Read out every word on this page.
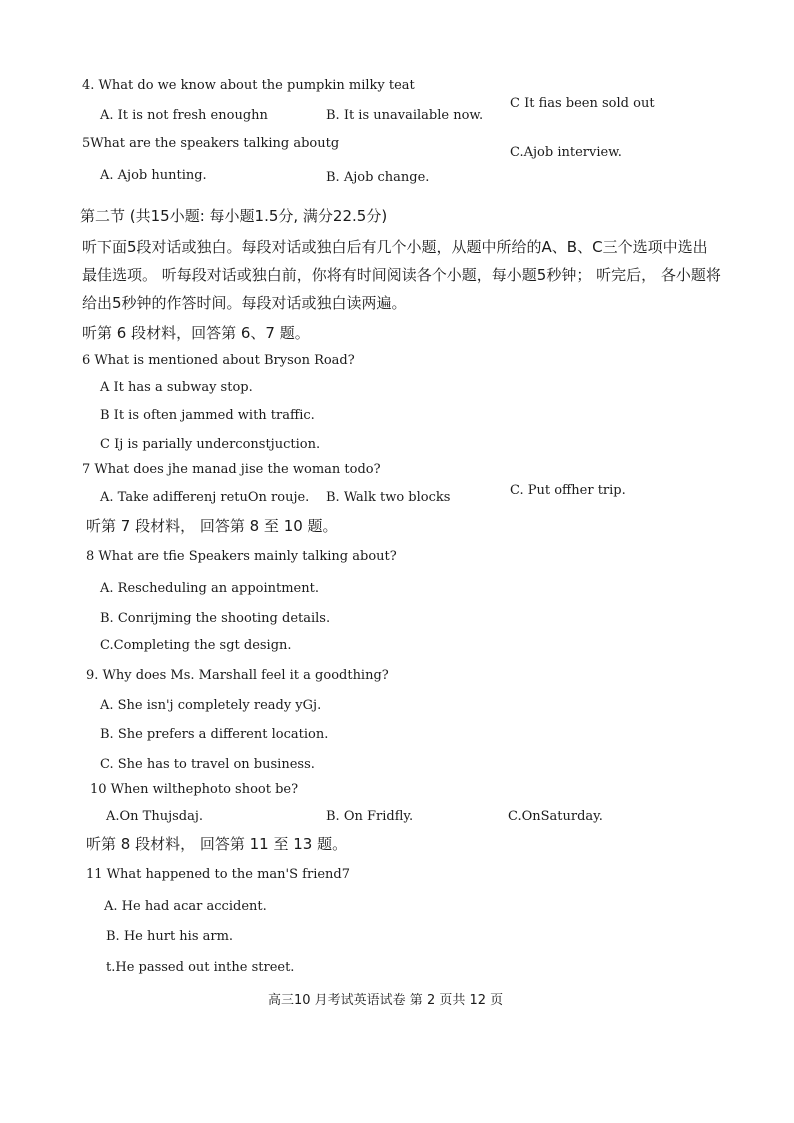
4. What do we know about the pumpkin milky teat
A. It is not fresh enoughn	B. It is unavailable now.
C It fias been sold out
5What are the speakers talking aboutg
A. Ajob hunting.	B. Ajob change.
C.Ajob interview.
第二节 (共15小题: 每小题1.5分, 满分22.5分)
听下面5段对话或独白。每段对话或独白后有几个小题，从题中所给的A、B、C三个选项中选出最佳选项。 听每段对话或独白前，你将有时间阅读各个小题，每小题5秒钟； 听完后， 各小题将给出5秒钟的作答时间。每段对话或独白读两遍。
听第 6 段材料，回答第 6、7 题。
6 What is mentioned about Bryson Road?
A It has a subway stop.
B It is often jammed with traffic.
C Ij is parially underconstjuction.
7 What does jhe manad jise the woman todo?
A. Take adifferenj retuOn rouje. B. Walk two blocks	C. Put offher trip.
听第 7 段材料， 回答第 8 至 10 题。
8 What are tfie Speakers mainly talking about?
A. Rescheduling an appointment.
B. Conrijming the shooting details.
C.Completing the sgt design.
9. Why does Ms. Marshall feel it a goodthing?
A. She isn'j completely ready yGj.
B. She prefers a different location.
C. She has to travel on business.
10 When wilthephoto shoot be?
A.On Thujsdaj.	B. On Fridfly.	C.OnSaturday.
听第 8 段材料， 回答第 11 至 13 题。
11 What happened to the man'S friend7
A. He had acar accident.
B. He hurt his arm.
t.He passed out inthe street.
高三10 月考试英语试卷 第 2 页共 12 页
